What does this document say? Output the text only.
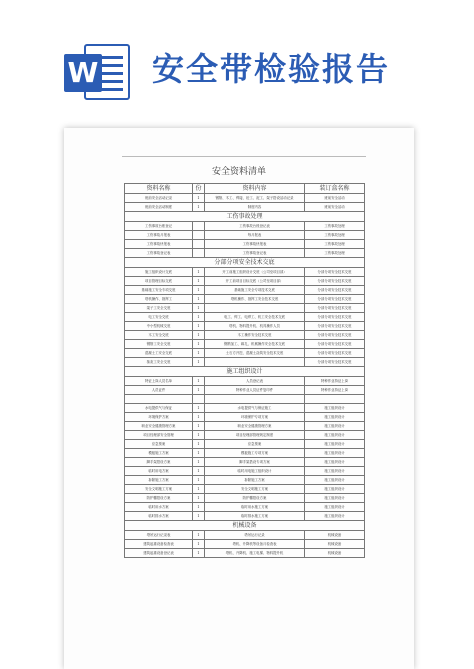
W 安全带检验报告
安全资料清单
资料名称	份	资料内容	装订盒名称
班前安全活动记录	1	钢筋、木工、焊接、砼工、泥工、架子搭设活动记录	班前安全活动
班前安全活动制度	1	制度内容	班前安全活动
工伤事故处理			
工伤事故台账登记		工伤事故台账登记表	工伤事故处理
工伤事故月报表		每月报表	工伤事故处理
工伤事故快报表		工伤事故快报表	工伤事故处理
工伤事故登记表		工伤事故登记表	工伤事故处理
分部分项安全技术交底			
施工组织设计交底	1	开工前施工组织设计交底（公司至项目部）	分部分项安全技术交底
项目管理目标交底	1	开工前项目目标交底（公司至项目部）	分部分项安全技术交底
基础施工安全专项交底	1	基础施工安全专项技术交底	分部分项安全技术交底
塔机操作、指挥工	1	塔机操作、指挥工安全技术交底	分部分项安全技术交底
架子工安全交底	1		分部分项安全技术交底
电工安全交底	1	电工、焊工、电焊工、机工安全技术交底	分部分项安全技术交底
中小型机械交底	1	塔机、物料提升机、机具操作人员	分部分项安全技术交底
木工安全交底	1	木工操作安全技术交底	分部分项安全技术交底
钢筋工安全交底	1	钢筋加工、绑扎、机械操作安全技术交底	分部分项安全技术交底
混凝土工安全交底	1	土石方开挖、混凝土浇筑安全技术交底	分部分项安全技术交底
抹灰工安全交底	1		分部分项安全技术交底
施工组织设计			
特证上岗人员名单	1	人员登记表	特种作业持证上岗
人员证件	1	特种作业人员证件复印件	特种作业持证上岗

水电提供气与保证	1	水电提供气与保证施工	施工组织设计
环境保护方案	1	环境保护专项方案	施工组织设计
职业安全健康管理方案	1	职业安全健康管理方案	施工组织设计
项目经理部安全管理	1	项目经理部管理规定制度	施工组织设计
应急预案	1	应急预案	施工组织设计
模板施工方案	1	模板施工专项方案	施工组织设计
脚手架搭设方案	1	脚手架搭设专项方案	施工组织设计
临时用电方案	1	临时用电施工组织设计	施工组织设计
拆除施工方案	1	拆除施工方案	施工组织设计
安全文明施工方案	1	安全文明施工方案	施工组织设计
防护棚搭设方案	1	防护棚搭设方案	施工组织设计
临时用水方案	1	临时用水施工方案	施工组织设计
临时排水方案	1	临时排水施工方案	施工组织设计
机械设备			
塔吊运行记录表	1	塔吊运行记录	机械设备
建筑起重设备检查表	1	塔机、升降机等设备月检查表	机械设备
建筑起重设备登记表	1	塔机、升降机、施工电梯、物料提升机	机械设备
